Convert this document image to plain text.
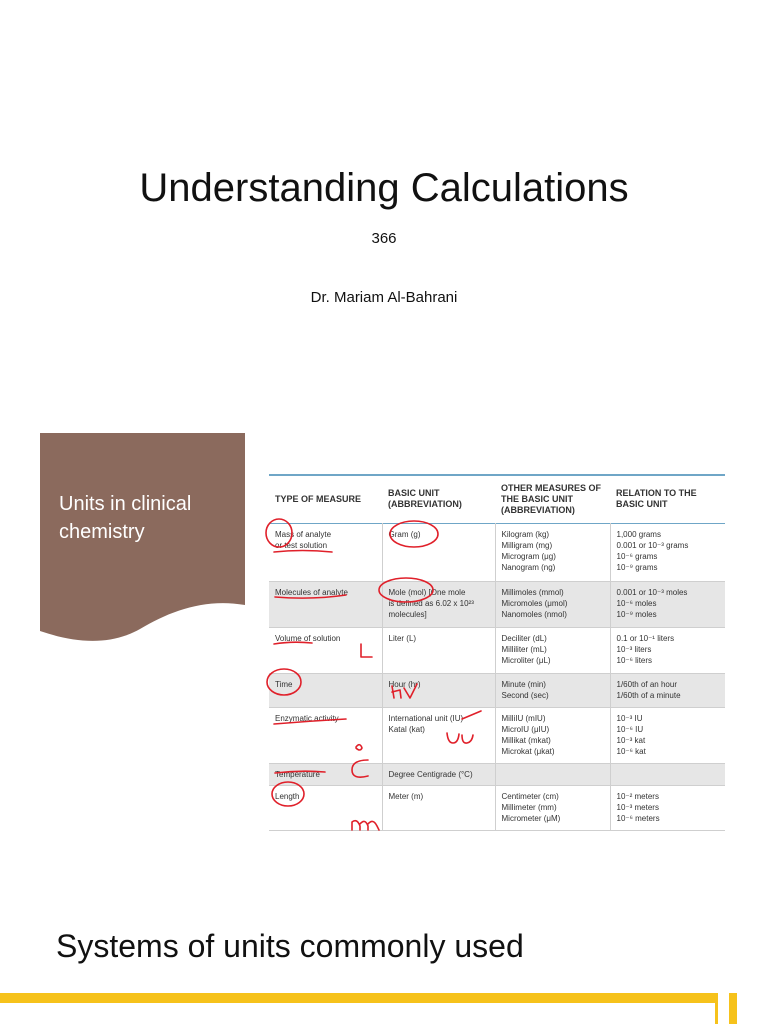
Understanding Calculations
366
Dr. Mariam Al-Bahrani
Units in clinical chemistry
TYPE OF MEASURE	BASIC UNIT (ABBREVIATION)	OTHER MEASURES OF THE BASIC UNIT (ABBREVIATION)	RELATION TO THE BASIC UNIT

Mass of analyte
or test solution	Gram (g)	Kilogram (kg)
Milligram (mg)
Microgram (μg)
Nanogram (ng)	1,000 grams
0.001 or 10⁻³ grams
10⁻⁶ grams
10⁻⁹ grams

Molecules of analyte	Mole (mol) [One mole
is defined as 6.02 x 10²³
molecules]	Millimoles (mmol)
Micromoles (μmol)
Nanomoles (nmol)	0.001 or 10⁻³ moles
10⁻⁶ moles
10⁻⁹ moles

Volume of solution	Liter (L)	Deciliter (dL)
Milliliter (mL)
Microliter (μL)	0.1 or 10⁻¹ liters
10⁻³ liters
10⁻⁶ liters

Time	Hour (hr)	Minute (min)
Second (sec)	1/60th of an hour
1/60th of a minute

Enzymatic activity	International unit (IU)
Katal (kat)	MilliIU (mIU)
MicroIU (μIU)
Millikat (mkat)
Microkat (μkat)	10⁻³ IU
10⁻⁶ IU
10⁻³ kat
10⁻⁶ kat

Temperature	Degree Centigrade (°C)		

Length	Meter (m)	Centimeter (cm)
Millimeter (mm)
Micrometer (μM)	10⁻² meters
10⁻³ meters
10⁻⁶ meters
Systems of units commonly used
